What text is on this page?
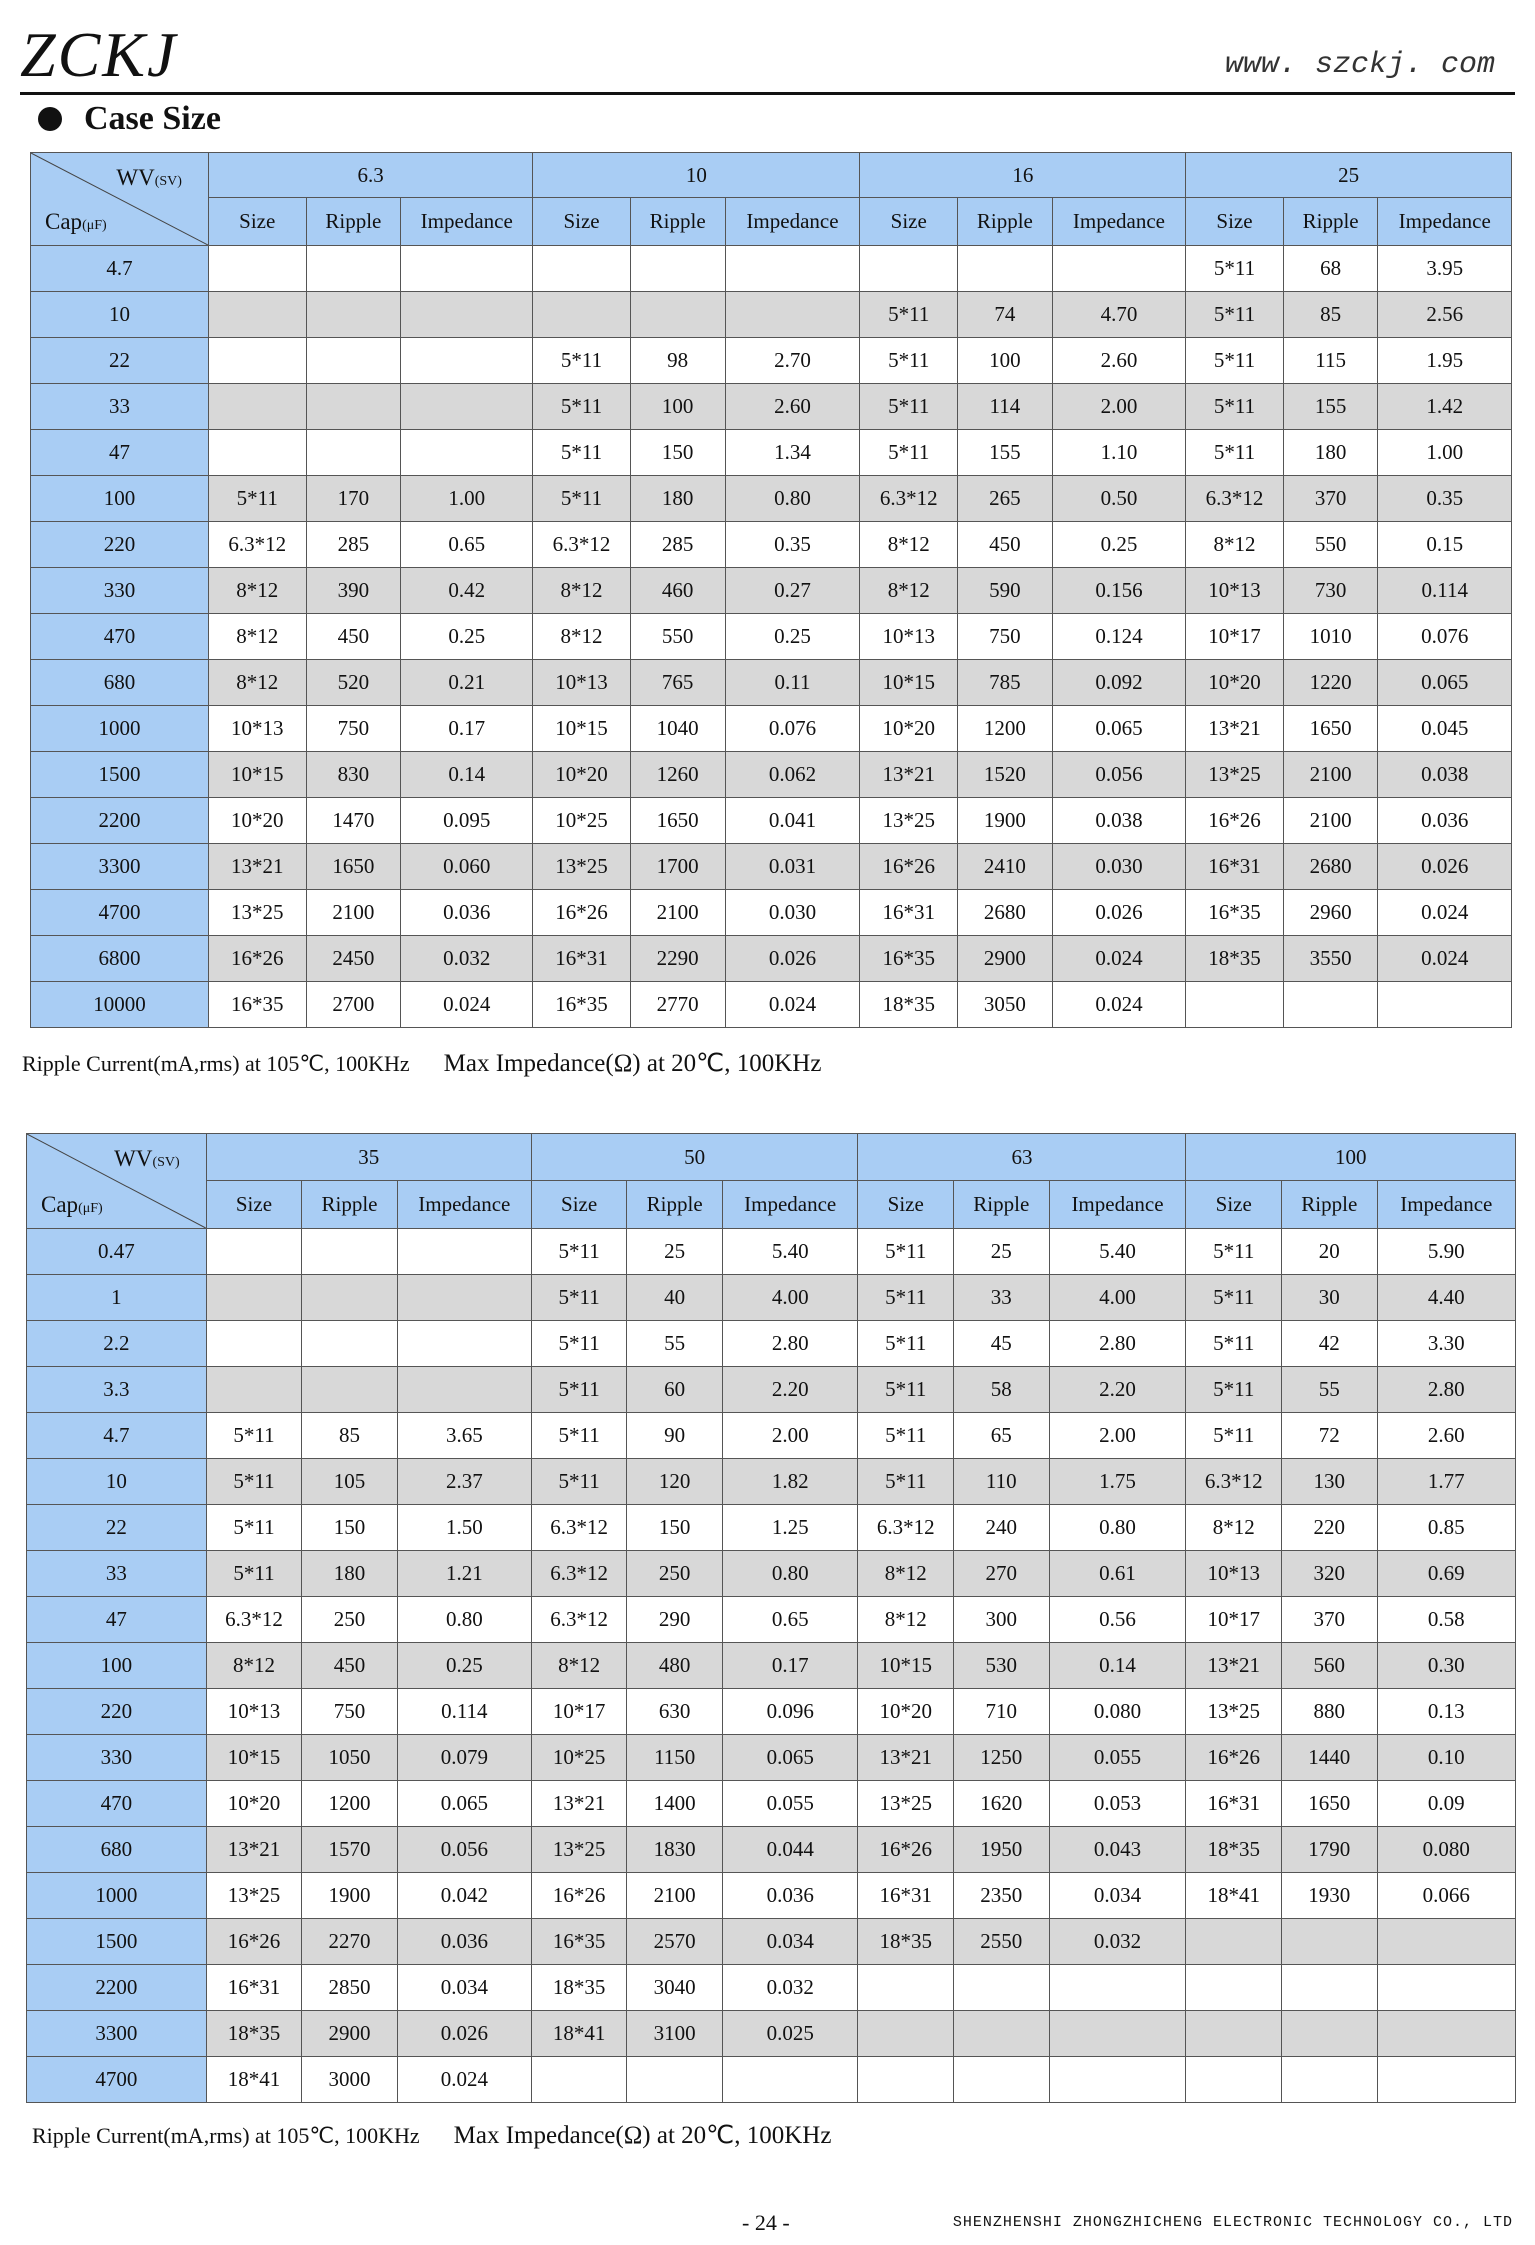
ZCKJ	www. szckj. com
Case Size
WV(SV)
Cap(μF)	6.3			10			16			25		
	Size	Ripple	Impedance	Size	Ripple	Impedance	Size	Ripple	Impedance	Size	Ripple	Impedance
4.7										5*11	68	3.95
10							5*11	74	4.70	5*11	85	2.56
22				5*11	98	2.70	5*11	100	2.60	5*11	115	1.95
33				5*11	100	2.60	5*11	114	2.00	5*11	155	1.42
47				5*11	150	1.34	5*11	155	1.10	5*11	180	1.00
100	5*11	170	1.00	5*11	180	0.80	6.3*12	265	0.50	6.3*12	370	0.35
220	6.3*12	285	0.65	6.3*12	285	0.35	8*12	450	0.25	8*12	550	0.15
330	8*12	390	0.42	8*12	460	0.27	8*12	590	0.156	10*13	730	0.114
470	8*12	450	0.25	8*12	550	0.25	10*13	750	0.124	10*17	1010	0.076
680	8*12	520	0.21	10*13	765	0.11	10*15	785	0.092	10*20	1220	0.065
1000	10*13	750	0.17	10*15	1040	0.076	10*20	1200	0.065	13*21	1650	0.045
1500	10*15	830	0.14	10*20	1260	0.062	13*21	1520	0.056	13*25	2100	0.038
2200	10*20	1470	0.095	10*25	1650	0.041	13*25	1900	0.038	16*26	2100	0.036
3300	13*21	1650	0.060	13*25	1700	0.031	16*26	2410	0.030	16*31	2680	0.026
4700	13*25	2100	0.036	16*26	2100	0.030	16*31	2680	0.026	16*35	2960	0.024
6800	16*26	2450	0.032	16*31	2290	0.026	16*35	2900	0.024	18*35	3550	0.024
10000	16*35	2700	0.024	16*35	2770	0.024	18*35	3050	0.024			
Ripple Current(mA,rms) at 105℃, 100KHz Max Impedance(Ω) at 20℃, 100KHz
WV(SV)
Cap(μF)	35			50			63			100		
	Size	Ripple	Impedance	Size	Ripple	Impedance	Size	Ripple	Impedance	Size	Ripple	Impedance
0.47				5*11	25	5.40	5*11	25	5.40	5*11	20	5.90
1				5*11	40	4.00	5*11	33	4.00	5*11	30	4.40
2.2				5*11	55	2.80	5*11	45	2.80	5*11	42	3.30
3.3				5*11	60	2.20	5*11	58	2.20	5*11	55	2.80
4.7	5*11	85	3.65	5*11	90	2.00	5*11	65	2.00	5*11	72	2.60
10	5*11	105	2.37	5*11	120	1.82	5*11	110	1.75	6.3*12	130	1.77
22	5*11	150	1.50	6.3*12	150	1.25	6.3*12	240	0.80	8*12	220	0.85
33	5*11	180	1.21	6.3*12	250	0.80	8*12	270	0.61	10*13	320	0.69
47	6.3*12	250	0.80	6.3*12	290	0.65	8*12	300	0.56	10*17	370	0.58
100	8*12	450	0.25	8*12	480	0.17	10*15	530	0.14	13*21	560	0.30
220	10*13	750	0.114	10*17	630	0.096	10*20	710	0.080	13*25	880	0.13
330	10*15	1050	0.079	10*25	1150	0.065	13*21	1250	0.055	16*26	1440	0.10
470	10*20	1200	0.065	13*21	1400	0.055	13*25	1620	0.053	16*31	1650	0.09
680	13*21	1570	0.056	13*25	1830	0.044	16*26	1950	0.043	18*35	1790	0.080
1000	13*25	1900	0.042	16*26	2100	0.036	16*31	2350	0.034	18*41	1930	0.066
1500	16*26	2270	0.036	16*35	2570	0.034	18*35	2550	0.032			
2200	16*31	2850	0.034	18*35	3040	0.032						
3300	18*35	2900	0.026	18*41	3100	0.025						
4700	18*41	3000	0.024									
Ripple Current(mA,rms) at 105℃, 100KHz Max Impedance(Ω) at 20℃, 100KHz
- 24 -	SHENZHENSHI ZHONGZHICHENG ELECTRONIC TECHNOLOGY CO., LTD
